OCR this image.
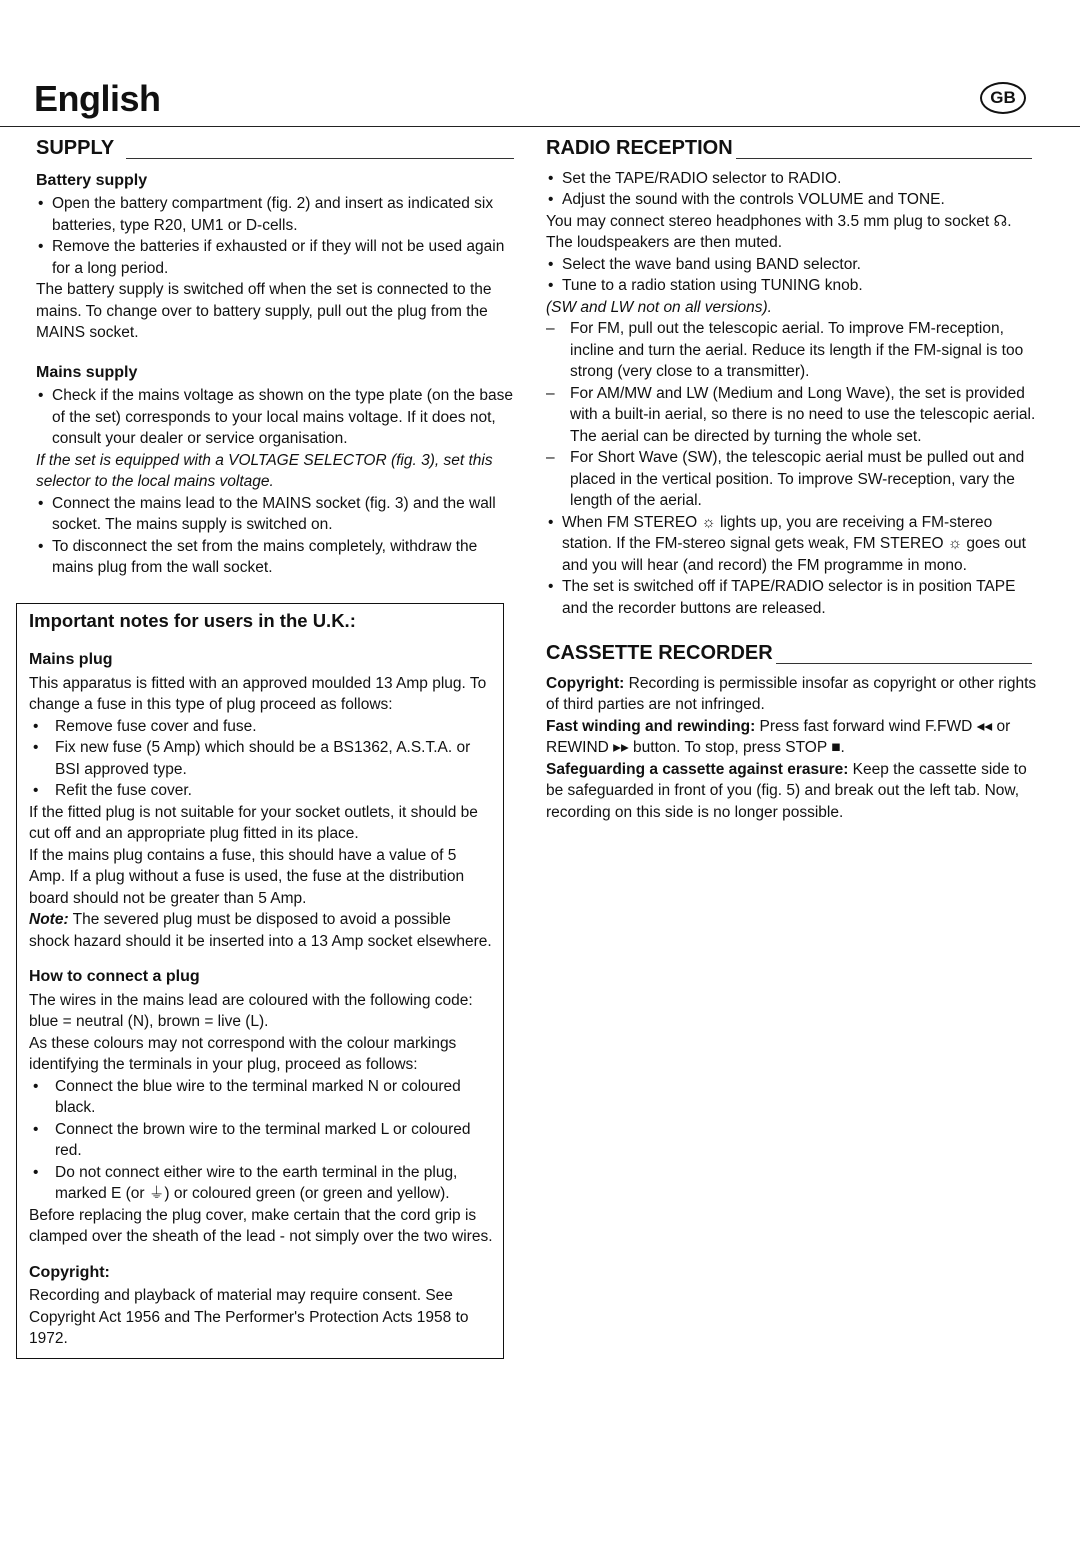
English	GB
SUPPLY
Battery supply

• Open the battery compartment (fig. 2) and insert as indicated six batteries, type R20, UM1 or D-cells.

• Remove the batteries if exhausted or if they will not be used again for a long period.

The battery supply is switched off when the set is connected to the mains. To change over to battery supply, pull out the plug from the MAINS socket.

Mains supply

• Check if the mains voltage as shown on the type plate (on the base of the set) corresponds to your local mains voltage. If it does not, consult your dealer or service organisation.

If the set is equipped with a VOLTAGE SELECTOR (fig. 3), set this selector to the local mains voltage.

• Connect the mains lead to the MAINS socket (fig. 3) and the wall socket. The mains supply is switched on.

• To disconnect the set from the mains completely, withdraw the mains plug from the wall socket.

Important notes for users in the U.K.:
Mains plug

This apparatus is fitted with an approved moulded 13 Amp plug. To change a fuse in this type of plug proceed as follows:

• Remove fuse cover and fuse.

• Fix new fuse (5 Amp) which should be a BS1362, A.S.T.A. or BSI approved type.

• Refit the fuse cover.

If the fitted plug is not suitable for your socket outlets, it should be cut off and an appropriate plug fitted in its place.

If the mains plug contains a fuse, this should have a value of 5 Amp. If a plug without a fuse is used, the fuse at the distribution board should not be greater than 5 Amp.

Note: The severed plug must be disposed to avoid a possible shock hazard should it be inserted into a 13 Amp socket elsewhere.

How to connect a plug

The wires in the mains lead are coloured with the following code: blue = neutral (N), brown = live (L).

As these colours may not correspond with the colour markings identifying the terminals in your plug, proceed as follows:

• Connect the blue wire to the terminal marked N or coloured black.

• Connect the brown wire to the terminal marked L or coloured red.

• Do not connect either wire to the earth terminal in the plug, marked E (or ⏚) or coloured green (or green and yellow).

Before replacing the plug cover, make certain that the cord grip is clamped over the sheath of the lead - not simply over the two wires.

Copyright:

Recording and playback of material may require consent. See Copyright Act 1956 and The Performer's Protection Acts 1958 to 1972.

RADIO RECEPTION

• Set the TAPE/RADIO selector to RADIO.

• Adjust the sound with the controls VOLUME and TONE.

You may connect stereo headphones with 3.5 mm plug to socket ☊. The loudspeakers are then muted.

• Select the wave band using BAND selector.

• Tune to a radio station using TUNING knob.

(SW and LW not on all versions).

– For FM, pull out the telescopic aerial. To improve FM-reception, incline and turn the aerial. Reduce its length if the FM-signal is too strong (very close to a transmitter).

– For AM/MW and LW (Medium and Long Wave), the set is provided with a built-in aerial, so there is no need to use the telescopic aerial. The aerial can be directed by turning the whole set.

– For Short Wave (SW), the telescopic aerial must be pulled out and placed in the vertical position. To improve SW-reception, vary the length of the aerial.

• When FM STEREO ☼ lights up, you are receiving a FM-stereo station. If the FM-stereo signal gets weak, FM STEREO ☼ goes out and you will hear (and record) the FM programme in mono.

• The set is switched off if TAPE/RADIO selector is in position TAPE and the recorder buttons are released.

CASSETTE RECORDER

Copyright: Recording is permissible insofar as copyright or other rights of third parties are not infringed.

Fast winding and rewinding: Press fast forward wind F.FWD ◂◂ or REWIND ▸▸ button. To stop, press STOP ■.

Safeguarding a cassette against erasure: Keep the cassette side to be safeguarded in front of you (fig. 5) and break out the left tab. Now, recording on this side is no longer possible.
